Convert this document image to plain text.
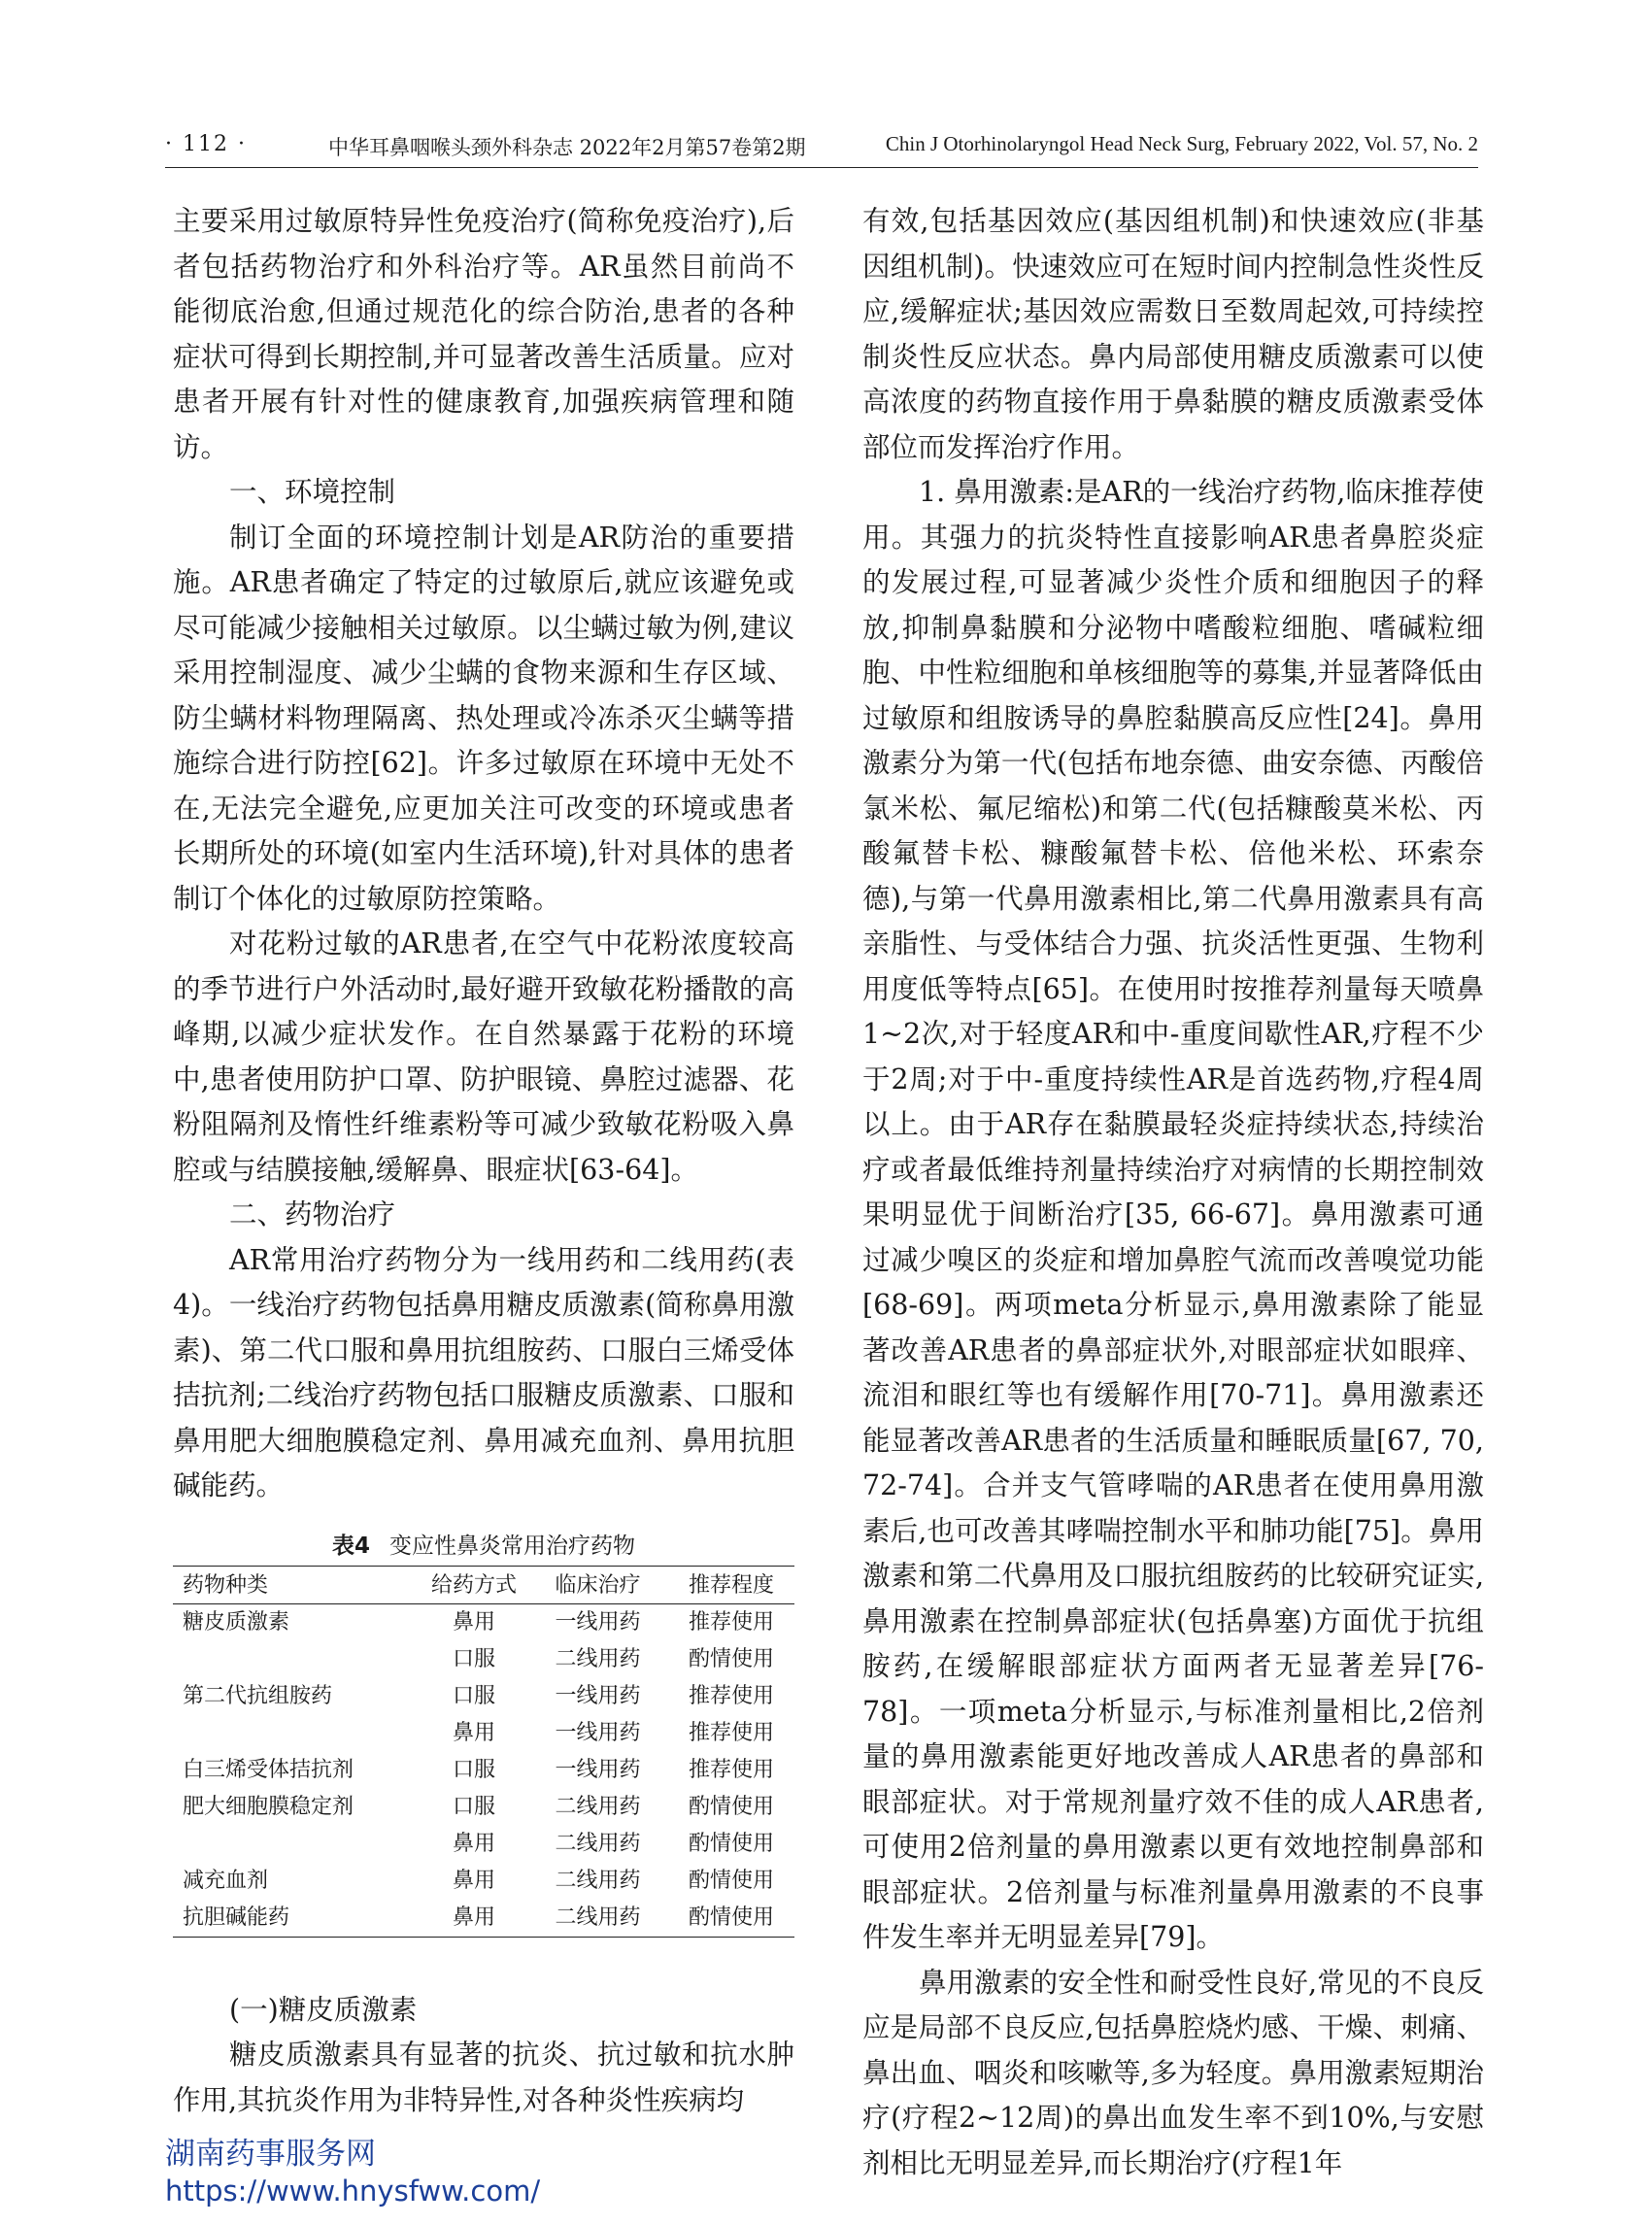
· 112 ·	中华耳鼻咽喉头颈外科杂志 2022年2月第57卷第2期	Chin J Otorhinolaryngol Head Neck Surg, February 2022, Vol. 57, No. 2

主要采用过敏原特异性免疫治疗(简称免疫治疗),后者包括药物治疗和外科治疗等。AR虽然目前尚不能彻底治愈,但通过规范化的综合防治,患者的各种症状可得到长期控制,并可显著改善生活质量。应对患者开展有针对性的健康教育,加强疾病管理和随访。

一、环境控制

制订全面的环境控制计划是AR防治的重要措施。AR患者确定了特定的过敏原后,就应该避免或尽可能减少接触相关过敏原。以尘螨过敏为例,建议采用控制湿度、减少尘螨的食物来源和生存区域、防尘螨材料物理隔离、热处理或冷冻杀灭尘螨等措施综合进行防控[62]。许多过敏原在环境中无处不在,无法完全避免,应更加关注可改变的环境或患者长期所处的环境(如室内生活环境),针对具体的患者制订个体化的过敏原防控策略。

对花粉过敏的AR患者,在空气中花粉浓度较高的季节进行户外活动时,最好避开致敏花粉播散的高峰期,以减少症状发作。在自然暴露于花粉的环境中,患者使用防护口罩、防护眼镜、鼻腔过滤器、花粉阻隔剂及惰性纤维素粉等可减少致敏花粉吸入鼻腔或与结膜接触,缓解鼻、眼症状[63-64]。

二、药物治疗

AR常用治疗药物分为一线用药和二线用药(表4)。一线治疗药物包括鼻用糖皮质激素(简称鼻用激素)、第二代口服和鼻用抗组胺药、口服白三烯受体拮抗剂;二线治疗药物包括口服糖皮质激素、口服和鼻用肥大细胞膜稳定剂、鼻用减充血剂、鼻用抗胆碱能药。

表4 变应性鼻炎常用治疗药物
药物种类	给药方式	临床治疗	推荐程度
糖皮质激素	鼻用	一线用药	推荐使用
	口服	二线用药	酌情使用
第二代抗组胺药	口服	一线用药	推荐使用
	鼻用	一线用药	推荐使用
白三烯受体拮抗剂	口服	一线用药	推荐使用
肥大细胞膜稳定剂	口服	二线用药	酌情使用
	鼻用	二线用药	酌情使用
减充血剂	鼻用	二线用药	酌情使用
抗胆碱能药	鼻用	二线用药	酌情使用
(一)糖皮质激素

糖皮质激素具有显著的抗炎、抗过敏和抗水肿作用,其抗炎作用为非特异性,对各种炎性疾病均

有效,包括基因效应(基因组机制)和快速效应(非基因组机制)。快速效应可在短时间内控制急性炎性反应,缓解症状;基因效应需数日至数周起效,可持续控制炎性反应状态。鼻内局部使用糖皮质激素可以使高浓度的药物直接作用于鼻黏膜的糖皮质激素受体部位而发挥治疗作用。

1. 鼻用激素:是AR的一线治疗药物,临床推荐使用。其强力的抗炎特性直接影响AR患者鼻腔炎症的发展过程,可显著减少炎性介质和细胞因子的释放,抑制鼻黏膜和分泌物中嗜酸粒细胞、嗜碱粒细胞、中性粒细胞和单核细胞等的募集,并显著降低由过敏原和组胺诱导的鼻腔黏膜高反应性[24]。鼻用激素分为第一代(包括布地奈德、曲安奈德、丙酸倍氯米松、氟尼缩松)和第二代(包括糠酸莫米松、丙酸氟替卡松、糠酸氟替卡松、倍他米松、环索奈德),与第一代鼻用激素相比,第二代鼻用激素具有高亲脂性、与受体结合力强、抗炎活性更强、生物利用度低等特点[65]。在使用时按推荐剂量每天喷鼻1~2次,对于轻度AR和中-重度间歇性AR,疗程不少于2周;对于中-重度持续性AR是首选药物,疗程4周以上。由于AR存在黏膜最轻炎症持续状态,持续治疗或者最低维持剂量持续治疗对病情的长期控制效果明显优于间断治疗[35, 66-67]。鼻用激素可通过减少嗅区的炎症和增加鼻腔气流而改善嗅觉功能[68-69]。两项meta分析显示,鼻用激素除了能显著改善AR患者的鼻部症状外,对眼部症状如眼痒、流泪和眼红等也有缓解作用[70-71]。鼻用激素还能显著改善AR患者的生活质量和睡眠质量[67, 70, 72-74]。合并支气管哮喘的AR患者在使用鼻用激素后,也可改善其哮喘控制水平和肺功能[75]。鼻用激素和第二代鼻用及口服抗组胺药的比较研究证实,鼻用激素在控制鼻部症状(包括鼻塞)方面优于抗组胺药,在缓解眼部症状方面两者无显著差异[76-78]。一项meta分析显示,与标准剂量相比,2倍剂量的鼻用激素能更好地改善成人AR患者的鼻部和眼部症状。对于常规剂量疗效不佳的成人AR患者,可使用2倍剂量的鼻用激素以更有效地控制鼻部和眼部症状。2倍剂量与标准剂量鼻用激素的不良事件发生率并无明显差异[79]。

鼻用激素的安全性和耐受性良好,常见的不良反应是局部不良反应,包括鼻腔烧灼感、干燥、刺痛、鼻出血、咽炎和咳嗽等,多为轻度。鼻用激素短期治疗(疗程2~12周)的鼻出血发生率不到10%,与安慰剂相比无明显差异,而长期治疗(疗程1年

湖南药事服务网
https://www.hnysfww.com/
